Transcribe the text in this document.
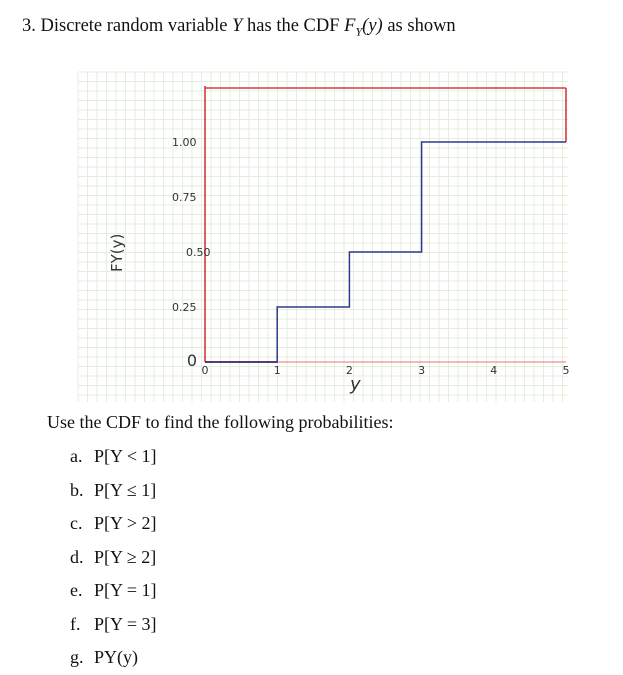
3. Discrete random variable Y has the CDF $F_Y(y)$ as shown
0
0.25
0.50
0.75
1.00
0	1	2	3	4	5
y
FY(y)
Use the CDF to find the following probabilities:
a. P[Y < 1]
b. P[Y ≤ 1]
c. P[Y > 2]
d. P[Y ≥ 2]
e. P[Y = 1]
f. P[Y = 3]
g. PY(y)
